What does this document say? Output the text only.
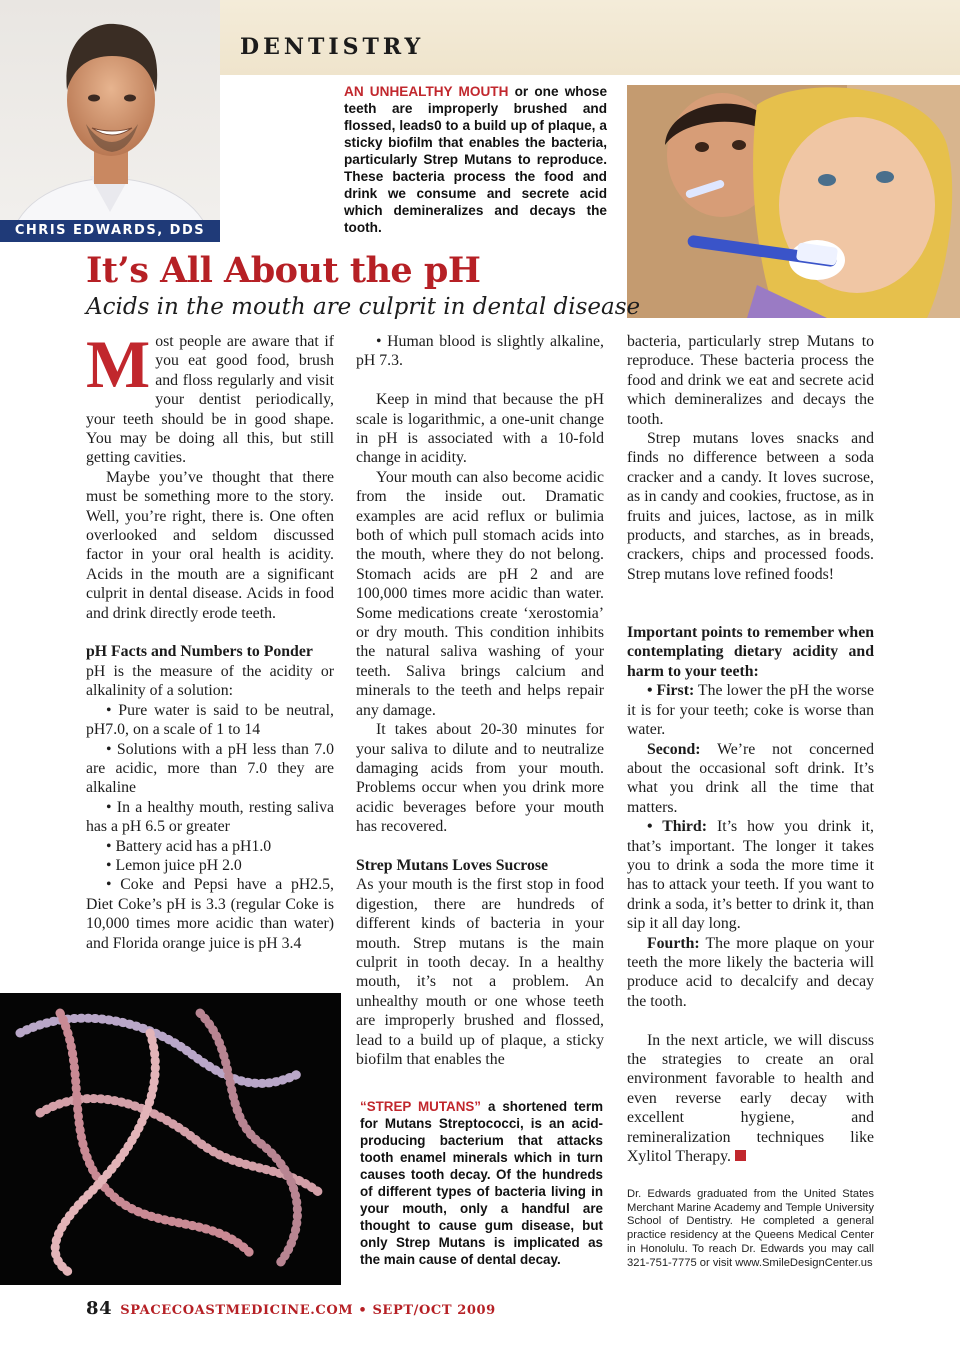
DENTISTRY
CHRIS EDWARDS, DDS
AN UNHEALTHY MOUTH or one whose teeth are improperly brushed and flossed, leads0 to a build up of plaque, a sticky biofilm that enables the bacteria, particularly Strep Mutans to reproduce. These bacteria process the food and drink we consume and secrete acid which demineralizes and decays the tooth.
It’s All About the pH
Acids in the mouth are culprit in dental disease

Most people are aware that if you eat good food, brush and floss regularly and visit your dentist periodically, your teeth should be in good shape. You may be doing all this, but still getting cavities.

Maybe you’ve thought that there must be something more to the story. Well, you’re right, there is. One often overlooked and seldom discussed factor in your oral health is acidity. Acids in the mouth are a significant culprit in dental disease. Acids in food and drink directly erode teeth.

pH Facts and Numbers to Ponder

pH is the measure of the acidity or alkalinity of a solution:

• Pure water is said to be neutral, pH7.0, on a scale of 1 to 14

• Solutions with a pH less than 7.0 are acidic, more than 7.0 they are alkaline

• In a healthy mouth, resting saliva has a pH 6.5 or greater

• Battery acid has a pH1.0

• Lemon juice pH 2.0

• Coke and Pepsi have a pH2.5, Diet Coke’s pH is 3.3 (regular Coke is 10,000 times more acidic than water) and Florida orange juice is pH 3.4

• Human blood is slightly alkaline, pH 7.3.

Keep in mind that because the pH scale is logarithmic, a one-unit change in pH is associated with a 10-fold change in acidity.

Your mouth can also become acidic from the inside out. Dramatic examples are acid reflux or bulimia both of which pull stomach acids into the mouth, where they do not belong. Stomach acids are pH 2 and are 100,000 times more acidic than water. Some medications create ‘xerostomia’ or dry mouth. This condition inhibits the natural saliva washing of your teeth. Saliva brings calcium and minerals to the teeth and helps repair any damage.

It takes about 20-30 minutes for your saliva to dilute and to neutralize damaging acids from your mouth. Problems occur when you drink more acidic beverages before your mouth has recovered.

Strep Mutans Loves Sucrose

As your mouth is the first stop in food digestion, there are hundreds of different kinds of bacteria in your mouth. Strep mutans is the main culprit in tooth decay. In a healthy mouth, it’s not a problem. An unhealthy mouth or one whose teeth are improperly brushed and flossed, lead to a build up of plaque, a sticky biofilm that enables the

“STREP MUTANS” a shortened term for Mutans Streptococci, is an acid-producing bacterium that attacks tooth enamel minerals which in turn causes tooth decay. Of the hundreds of different types of bacteria living in your mouth, only a handful are thought to cause gum disease, but only Strep Mutans is implicated as the main cause of dental decay.

bacteria, particularly strep Mutans to reproduce. These bacteria process the food and drink we eat and secrete acid which demineralizes and decays the tooth.

Strep mutans loves snacks and finds no difference between a soda cracker and a candy. It loves sucrose, as in candy and cookies, fructose, as in fruits and juices, lactose, as in milk products, and starches, as in breads, crackers, chips and processed foods. Strep mutans love refined foods!

Important points to remember when contemplating dietary acidity and harm to your teeth:

• First: The lower the pH the worse it is for your teeth; coke is worse than water.

Second: We’re not concerned about the occasional soft drink. It’s what you drink all the time that matters.

• Third: It’s how you drink it, that’s important. The longer it takes you to drink a soda the more time it has to attack your teeth. If you want to drink a soda, it’s better to drink it, than sip it all day long.

Fourth: The more plaque on your teeth the more likely the bacteria will produce acid to decalcify and decay the tooth.

In the next article, we will discuss the strategies to create an oral environment favorable to health and even reverse early decay with excellent hygiene, and remineralization techniques like Xylitol Therapy.

Dr. Edwards graduated from the United States Merchant Marine Academy and Temple University School of Dentistry. He completed a general practice residency at the Queens Medical Center in Honolulu. To reach Dr. Edwards you may call 321-751-7775 or visit www.SmileDesignCenter.us
84 SPACECOASTMEDICINE.COM • SEPT/OCT 2009
